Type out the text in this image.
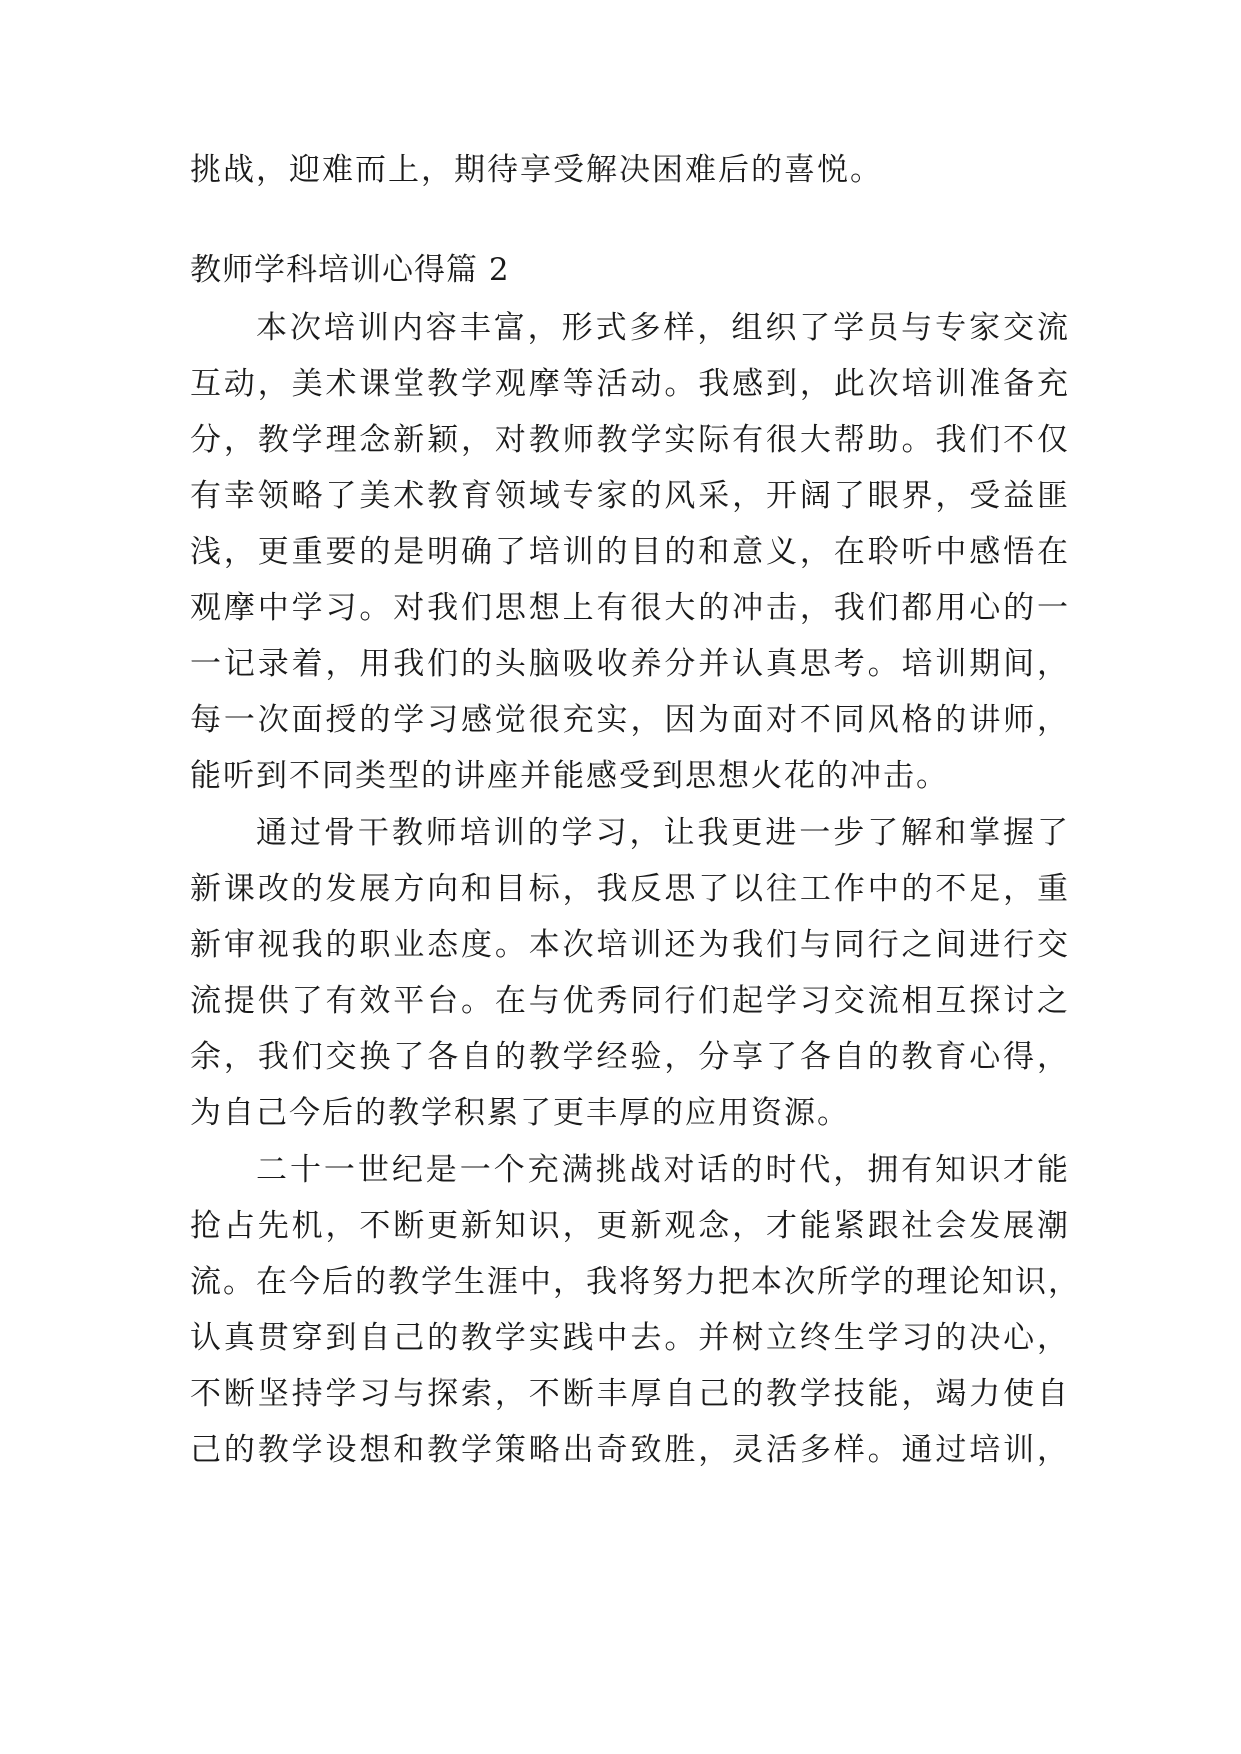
挑战，迎难而上，期待享受解决困难后的喜悦。
教师学科培训心得篇 2
本次培训内容丰富，形式多样，组织了学员与专家交流
互动，美术课堂教学观摩等活动。我感到，此次培训准备充
分，教学理念新颖，对教师教学实际有很大帮助。我们不仅
有幸领略了美术教育领域专家的风采，开阔了眼界，受益匪
浅，更重要的是明确了培训的目的和意义，在聆听中感悟在
观摩中学习。对我们思想上有很大的冲击，我们都用心的一
一记录着，用我们的头脑吸收养分并认真思考。培训期间，
每一次面授的学习感觉很充实，因为面对不同风格的讲师，
能听到不同类型的讲座并能感受到思想火花的冲击。
通过骨干教师培训的学习，让我更进一步了解和掌握了
新课改的发展方向和目标，我反思了以往工作中的不足，重
新审视我的职业态度。本次培训还为我们与同行之间进行交
流提供了有效平台。在与优秀同行们起学习交流相互探讨之
余，我们交换了各自的教学经验，分享了各自的教育心得，
为自己今后的教学积累了更丰厚的应用资源。
二十一世纪是一个充满挑战对话的时代，拥有知识才能
抢占先机，不断更新知识，更新观念，才能紧跟社会发展潮
流。在今后的教学生涯中，我将努力把本次所学的理论知识，
认真贯穿到自己的教学实践中去。并树立终生学习的决心，
不断坚持学习与探索，不断丰厚自己的教学技能，竭力使自
己的教学设想和教学策略出奇致胜，灵活多样。通过培训，
